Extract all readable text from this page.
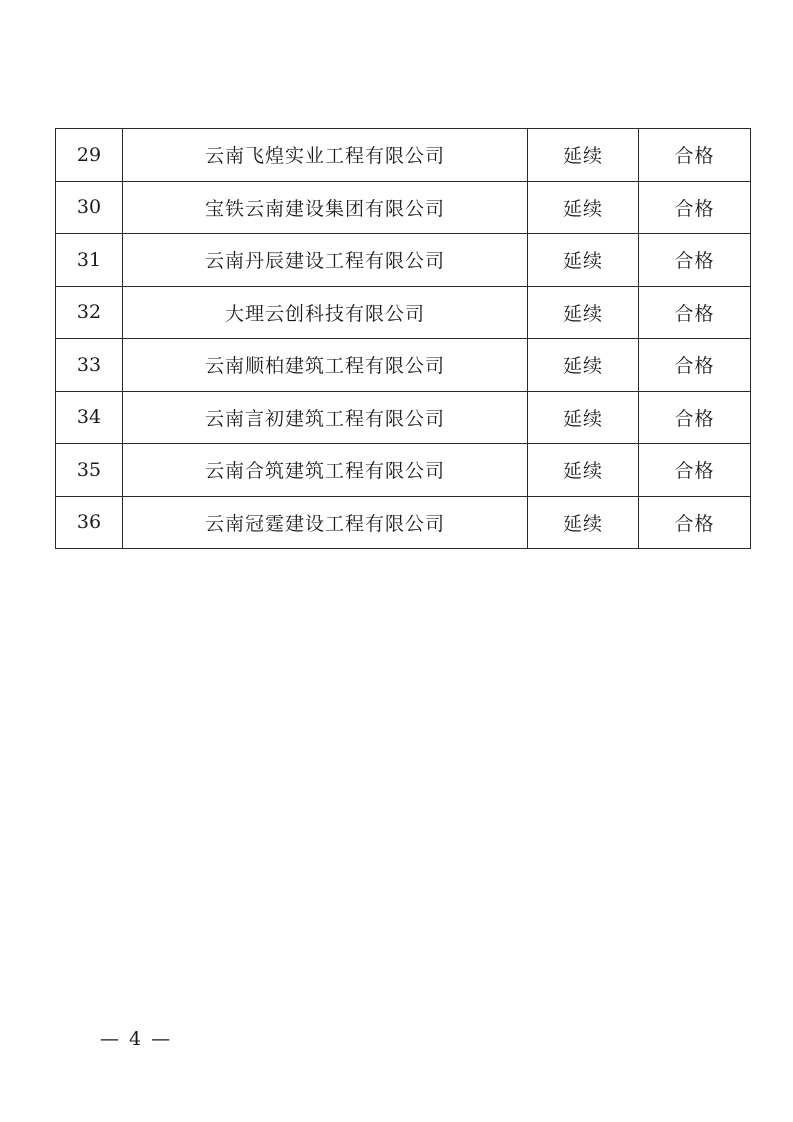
29	云南飞煌实业工程有限公司	延续	合格
30	宝铁云南建设集团有限公司	延续	合格
31	云南丹辰建设工程有限公司	延续	合格
32	大理云创科技有限公司	延续	合格
33	云南顺柏建筑工程有限公司	延续	合格
34	云南言初建筑工程有限公司	延续	合格
35	云南合筑建筑工程有限公司	延续	合格
36	云南冠霆建设工程有限公司	延续	合格
— 4 —
